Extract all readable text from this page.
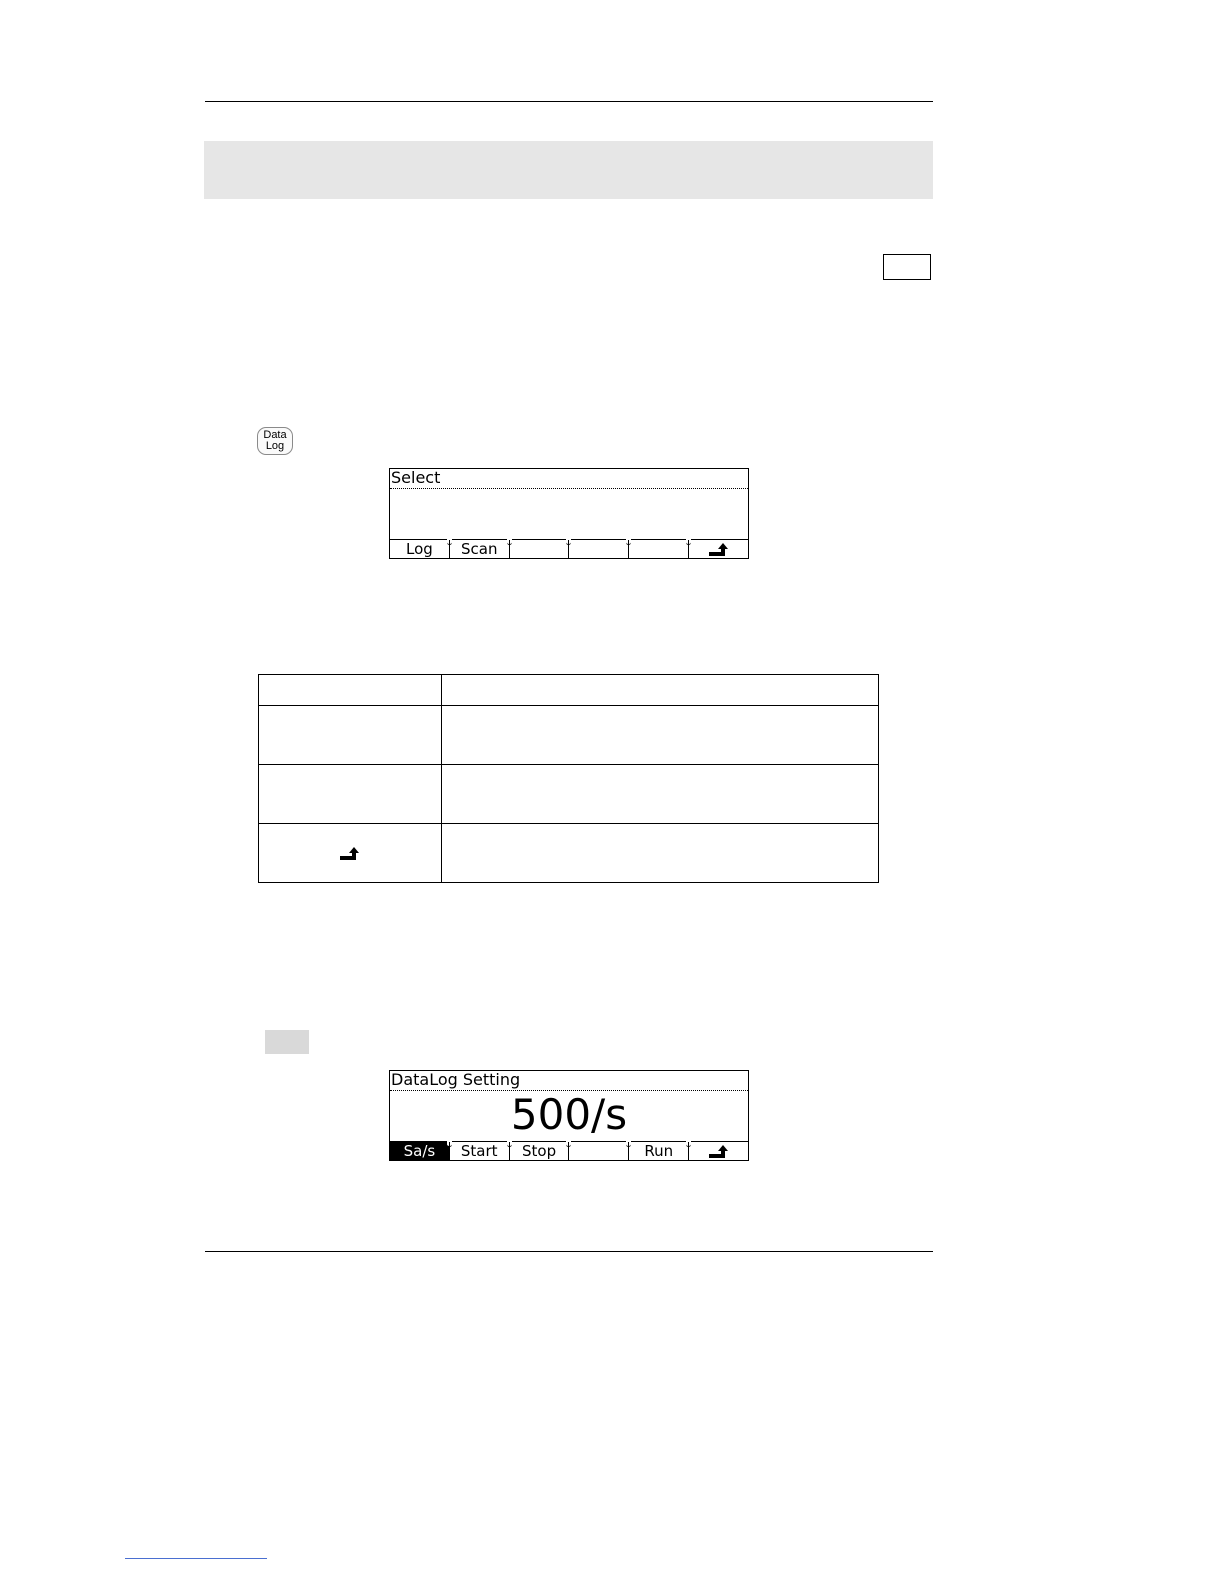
Data
Log
Select
Log	Scan

DataLog Setting
500/s
Sa/s	Start	Stop	Run
